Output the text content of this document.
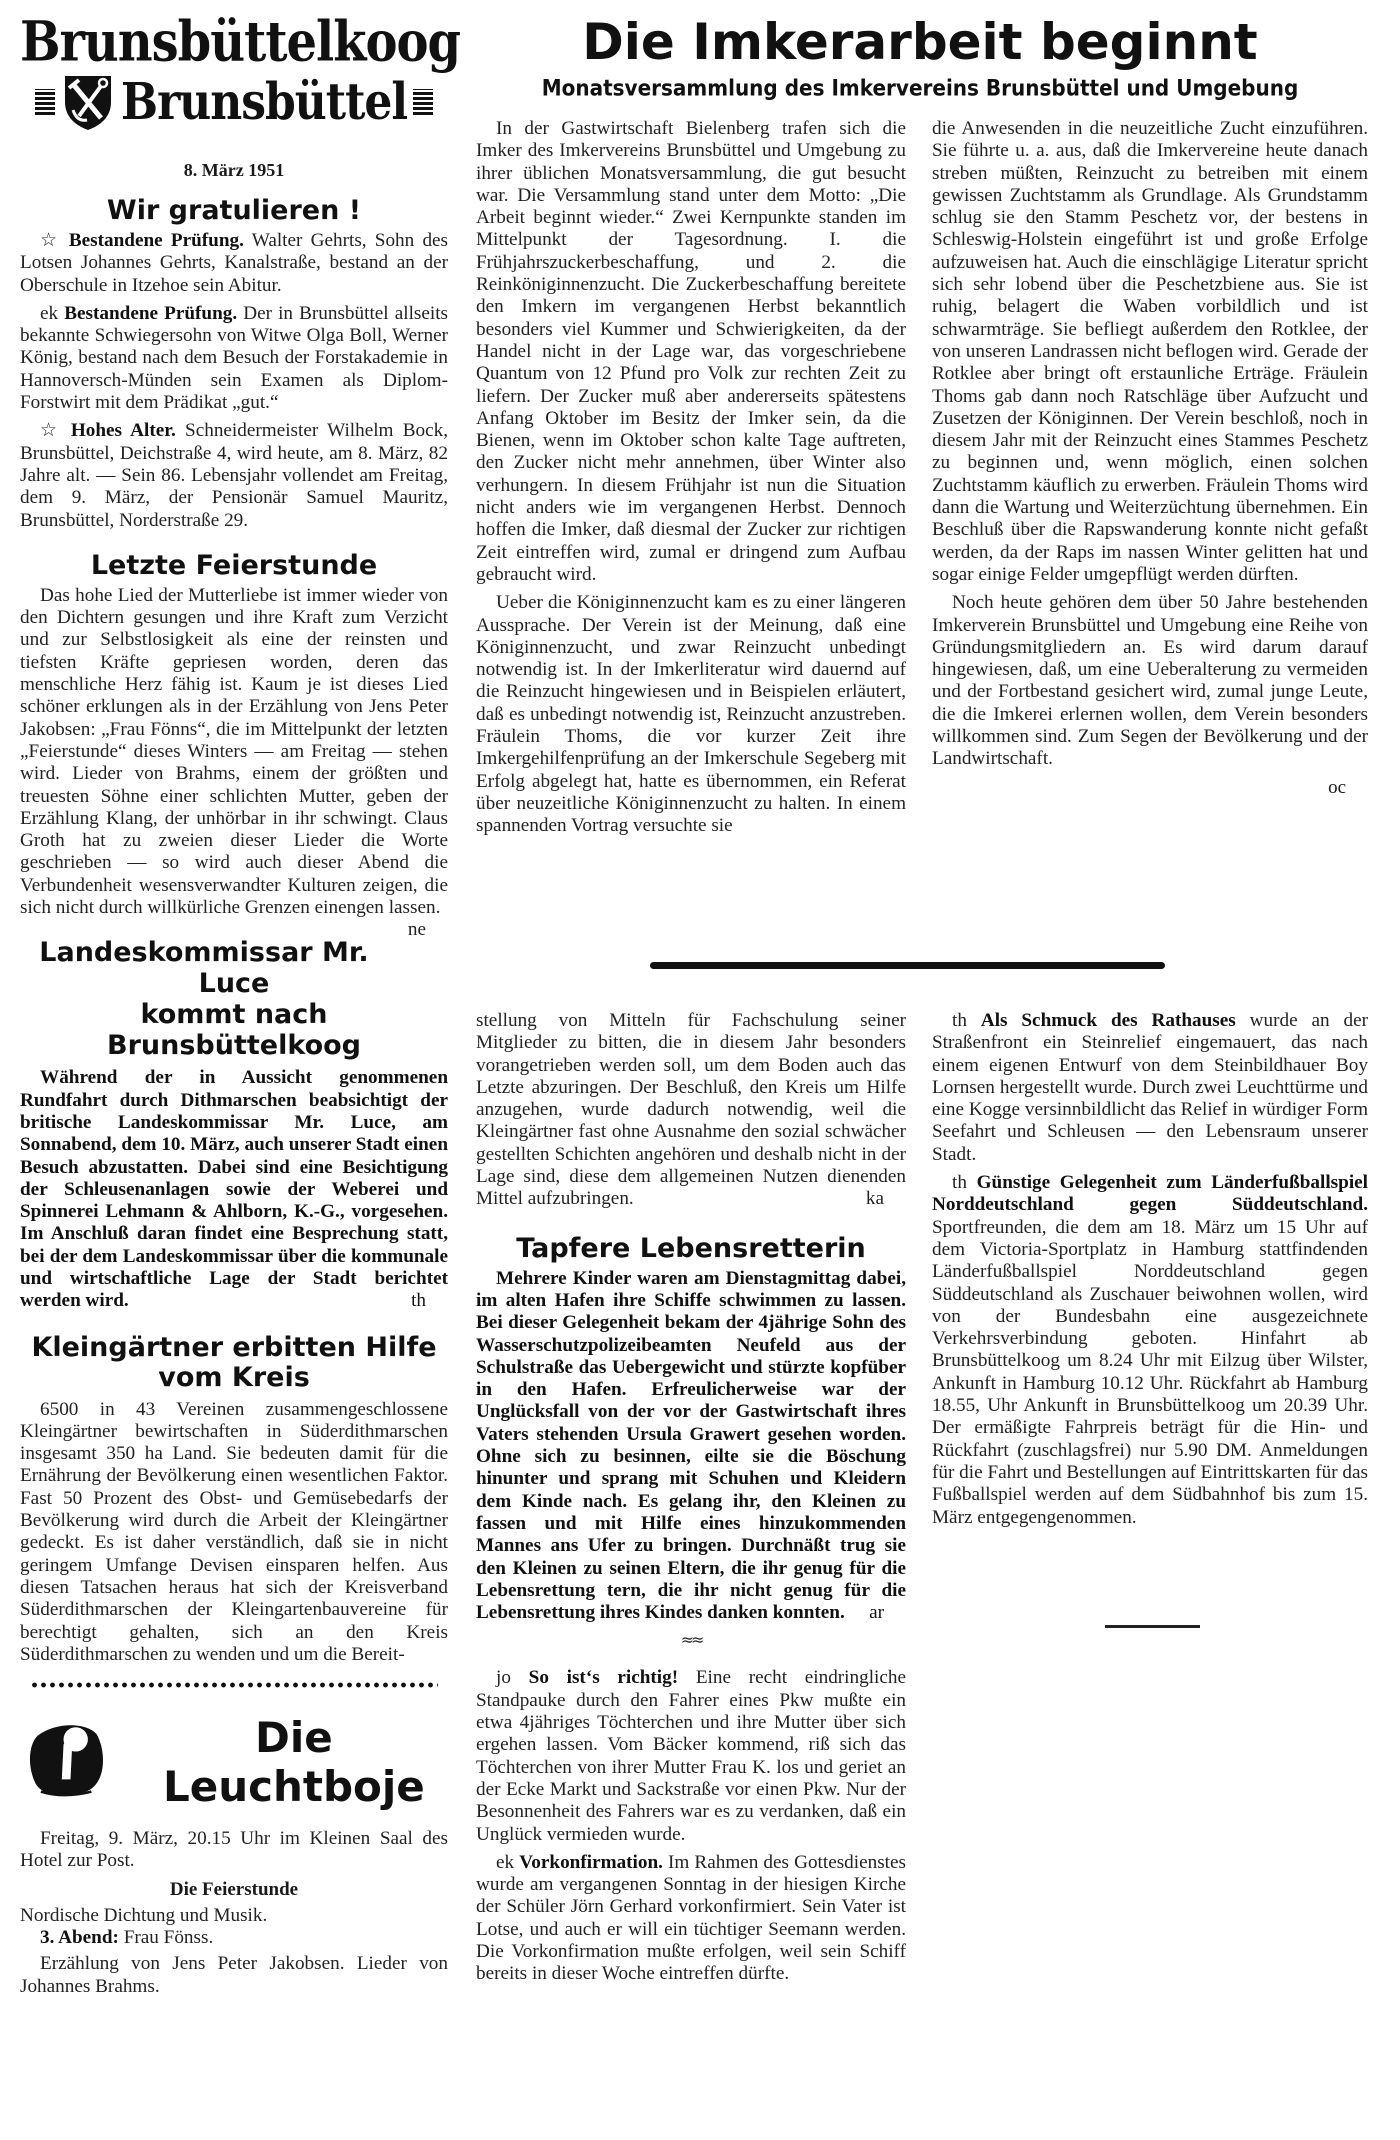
Brunsbüttelkoog
Brunsbüttel
8. März 1951
Wir gratulieren !

☆ Bestandene Prüfung. Walter Gehrts, Sohn des Lotsen Johannes Gehrts, Kanalstraße, bestand an der Oberschule in Itzehoe sein Abitur.

ek Bestandene Prüfung. Der in Brunsbüttel allseits bekannte Schwiegersohn von Witwe Olga Boll, Werner König, bestand nach dem Besuch der Forstakademie in Hannoversch-Münden sein Examen als Diplom-Forstwirt mit dem Prädikat „gut.“

☆ Hohes Alter. Schneidermeister Wilhelm Bock, Brunsbüttel, Deichstraße 4, wird heute, am 8. März, 82 Jahre alt. — Sein 86. Lebensjahr vollendet am Freitag, dem 9. März, der Pensionär Samuel Mauritz, Brunsbüttel, Norderstraße 29.

Letzte Feierstunde

Das hohe Lied der Mutterliebe ist immer wieder von den Dichtern gesungen und ihre Kraft zum Verzicht und zur Selbstlosigkeit als eine der reinsten und tiefsten Kräfte gepriesen worden, deren das menschliche Herz fähig ist. Kaum je ist dieses Lied schöner erklungen als in der Erzählung von Jens Peter Jakobsen: „Frau Fönns“, die im Mittelpunkt der letzten „Feierstunde“ dieses Winters — am Freitag — stehen wird. Lieder von Brahms, einem der größten und treuesten Söhne einer schlichten Mutter, geben der Erzählung Klang, der unhörbar in ihr schwingt. Claus Groth hat zu zweien dieser Lieder die Worte geschrieben — so wird auch dieser Abend die Verbundenheit wesensverwandter Kulturen zeigen, die sich nicht durch willkürliche Grenzen einengen lassen.
ne

Landeskommissar Mr. Luce
kommt nach Brunsbüttelkoog

Während der in Aussicht genommenen Rundfahrt durch Dithmarschen beabsichtigt der britische Landeskommissar Mr. Luce, am Sonnabend, dem 10. März, auch unserer Stadt einen Besuch abzustatten. Dabei sind eine Besichtigung der Schleusenanlagen sowie der Weberei und Spinnerei Lehmann & Ahlborn, K.-G., vorgesehen. Im Anschluß daran findet eine Besprechung statt, bei der dem Landeskommissar über die kommunale und wirtschaftliche Lage der Stadt berichtet werden wird.	th

Kleingärtner erbitten Hilfe
vom Kreis

6500 in 43 Vereinen zusammengeschlossene Kleingärtner bewirtschaften in Süderdithmarschen insgesamt 350 ha Land. Sie bedeuten damit für die Ernährung der Bevölkerung einen wesentlichen Faktor. Fast 50 Prozent des Obst- und Gemüsebedarfs der Bevölkerung wird durch die Arbeit der Kleingärtner gedeckt. Es ist daher verständlich, daß sie in nicht geringem Umfange Devisen einsparen helfen. Aus diesen Tatsachen heraus hat sich der Kreisverband Süderdithmarschen der Kleingartenbauvereine für berechtigt gehalten, sich an den Kreis Süderdithmarschen zu wenden und um die Bereit-

Die Leuchtboje

Freitag, 9. März, 20.15 Uhr im Kleinen Saal des Hotel zur Post.

Die Feierstunde

Nordische Dichtung und Musik.

3. Abend: Frau Fönss.

Erzählung von Jens Peter Jakobsen. Lieder von Johannes Brahms.

Die Imkerarbeit beginnt
Monatsversammlung des Imkervereins Brunsbüttel und Umgebung

In der Gastwirtschaft Bielenberg trafen sich die Imker des Imkervereins Brunsbüttel und Umgebung zu ihrer üblichen Monatsversammlung, die gut besucht war. Die Versammlung stand unter dem Motto: „Die Arbeit beginnt wieder.“ Zwei Kernpunkte standen im Mittelpunkt der Tagesordnung. I. die Frühjahrszuckerbeschaffung, und 2. die Reinköniginnenzucht. Die Zuckerbeschaffung bereitete den Imkern im vergangenen Herbst bekanntlich besonders viel Kummer und Schwierigkeiten, da der Handel nicht in der Lage war, das vorgeschriebene Quantum von 12 Pfund pro Volk zur rechten Zeit zu liefern. Der Zucker muß aber andererseits spätestens Anfang Oktober im Besitz der Imker sein, da die Bienen, wenn im Oktober schon kalte Tage auftreten, den Zucker nicht mehr annehmen, über Winter also verhungern. In diesem Frühjahr ist nun die Situation nicht anders wie im vergangenen Herbst. Dennoch hoffen die Imker, daß diesmal der Zucker zur richtigen Zeit eintreffen wird, zumal er dringend zum Aufbau gebraucht wird.

Ueber die Königinnenzucht kam es zu einer längeren Aussprache. Der Verein ist der Meinung, daß eine Königinnenzucht, und zwar Reinzucht unbedingt notwendig ist. In der Imkerliteratur wird dauernd auf die Reinzucht hingewiesen und in Beispielen erläutert, daß es unbedingt notwendig ist, Reinzucht anzustreben. Fräulein Thoms, die vor kurzer Zeit ihre Imkergehilfenprüfung an der Imkerschule Segeberg mit Erfolg abgelegt hat, hatte es übernommen, ein Referat über neuzeitliche Königinnenzucht zu halten. In einem spannenden Vortrag versuchte sie

die Anwesenden in die neuzeitliche Zucht einzuführen. Sie führte u. a. aus, daß die Imkervereine heute danach streben müßten, Reinzucht zu betreiben mit einem gewissen Zuchtstamm als Grundlage. Als Grundstamm schlug sie den Stamm Peschetz vor, der bestens in Schleswig-Holstein eingeführt ist und große Erfolge aufzuweisen hat. Auch die einschlägige Literatur spricht sich sehr lobend über die Peschetzbiene aus. Sie ist ruhig, belagert die Waben vorbildlich und ist schwarmträge. Sie befliegt außerdem den Rotklee, der von unseren Landrassen nicht beflogen wird. Gerade der Rotklee aber bringt oft erstaunliche Erträge. Fräulein Thoms gab dann noch Ratschläge über Aufzucht und Zusetzen der Königinnen. Der Verein beschloß, noch in diesem Jahr mit der Reinzucht eines Stammes Peschetz zu beginnen und, wenn möglich, einen solchen Zuchtstamm käuflich zu erwerben. Fräulein Thoms wird dann die Wartung und Weiterzüchtung übernehmen. Ein Beschluß über die Rapswanderung konnte nicht gefaßt werden, da der Raps im nassen Winter gelitten hat und sogar einige Felder umgepflügt werden dürften.

Noch heute gehören dem über 50 Jahre bestehenden Imkerverein Brunsbüttel und Umgebung eine Reihe von Gründungsmitgliedern an. Es wird darum darauf hingewiesen, daß, um eine Ueberalterung zu vermeiden und der Fortbestand gesichert wird, zumal junge Leute, die die Imkerei erlernen wollen, dem Verein besonders willkommen sind. Zum Segen der Bevölkerung und der Landwirtschaft.

oc

stellung von Mitteln für Fachschulung seiner Mitglieder zu bitten, die in diesem Jahr besonders vorangetrieben werden soll, um dem Boden auch das Letzte abzuringen. Der Beschluß, den Kreis um Hilfe anzugehen, wurde dadurch notwendig, weil die Kleingärtner fast ohne Ausnahme den sozial schwächer gestellten Schichten angehören und deshalb nicht in der Lage sind, diese dem allgemeinen Nutzen dienenden Mittel aufzubringen.	ka

Tapfere Lebensretterin

Mehrere Kinder waren am Dienstagmittag dabei, im alten Hafen ihre Schiffe schwimmen zu lassen. Bei dieser Gelegenheit bekam der 4jährige Sohn des Wasserschutzpolizeibeamten Neufeld aus der Schulstraße das Uebergewicht und stürzte kopfüber in den Hafen. Erfreulicherweise war der Unglücksfall von der vor der Gastwirtschaft ihres Vaters stehenden Ursula Grawert gesehen worden. Ohne sich zu besinnen, eilte sie die Böschung hinunter und sprang mit Schuhen und Kleidern dem Kinde nach. Es gelang ihr, den Kleinen zu fassen und mit Hilfe eines hinzukommenden Mannes ans Ufer zu bringen. Durchnäßt trug sie den Kleinen zu seinen Eltern, die ihr genug für die Lebensrettung tern, die ihr nicht genug für die Lebensrettung ihres Kindes danken konnten.	ar

≈≈

jo So ist‘s richtig! Eine recht eindringliche Standpauke durch den Fahrer eines Pkw mußte ein etwa 4jähriges Töchterchen und ihre Mutter über sich ergehen lassen. Vom Bäcker kommend, riß sich das Töchterchen von ihrer Mutter Frau K. los und geriet an der Ecke Markt und Sackstraße vor einen Pkw. Nur der Besonnenheit des Fahrers war es zu verdanken, daß ein Unglück vermieden wurde.

ek Vorkonfirmation. Im Rahmen des Gottesdienstes wurde am vergangenen Sonntag in der hiesigen Kirche der Schüler Jörn Gerhard vorkonfirmiert. Sein Vater ist Lotse, und auch er will ein tüchtiger Seemann werden. Die Vorkonfirmation mußte erfolgen, weil sein Schiff bereits in dieser Woche eintreffen dürfte.

th Als Schmuck des Rathauses wurde an der Straßenfront ein Steinrelief eingemauert, das nach einem eigenen Entwurf von dem Steinbildhauer Boy Lornsen hergestellt wurde. Durch zwei Leuchttürme und eine Kogge versinnbildlicht das Relief in würdiger Form Seefahrt und Schleusen — den Lebensraum unserer Stadt.

th Günstige Gelegenheit zum Länderfußballspiel Norddeutschland gegen Süddeutschland. Sportfreunden, die dem am 18. März um 15 Uhr auf dem Victoria-Sportplatz in Hamburg stattfindenden Länderfußballspiel Norddeutschland gegen Süddeutschland als Zuschauer beiwohnen wollen, wird von der Bundesbahn eine ausgezeichnete Verkehrsverbindung geboten. Hinfahrt ab Brunsbüttelkoog um 8.24 Uhr mit Eilzug über Wilster, Ankunft in Hamburg 10.12 Uhr. Rückfahrt ab Hamburg 18.55, Uhr Ankunft in Brunsbüttelkoog um 20.39 Uhr. Der ermäßigte Fahrpreis beträgt für die Hin- und Rückfahrt (zuschlagsfrei) nur 5.90 DM. Anmeldungen für die Fahrt und Bestellungen auf Eintrittskarten für das Fußballspiel werden auf dem Südbahnhof bis zum 15. März entgegengenommen.
